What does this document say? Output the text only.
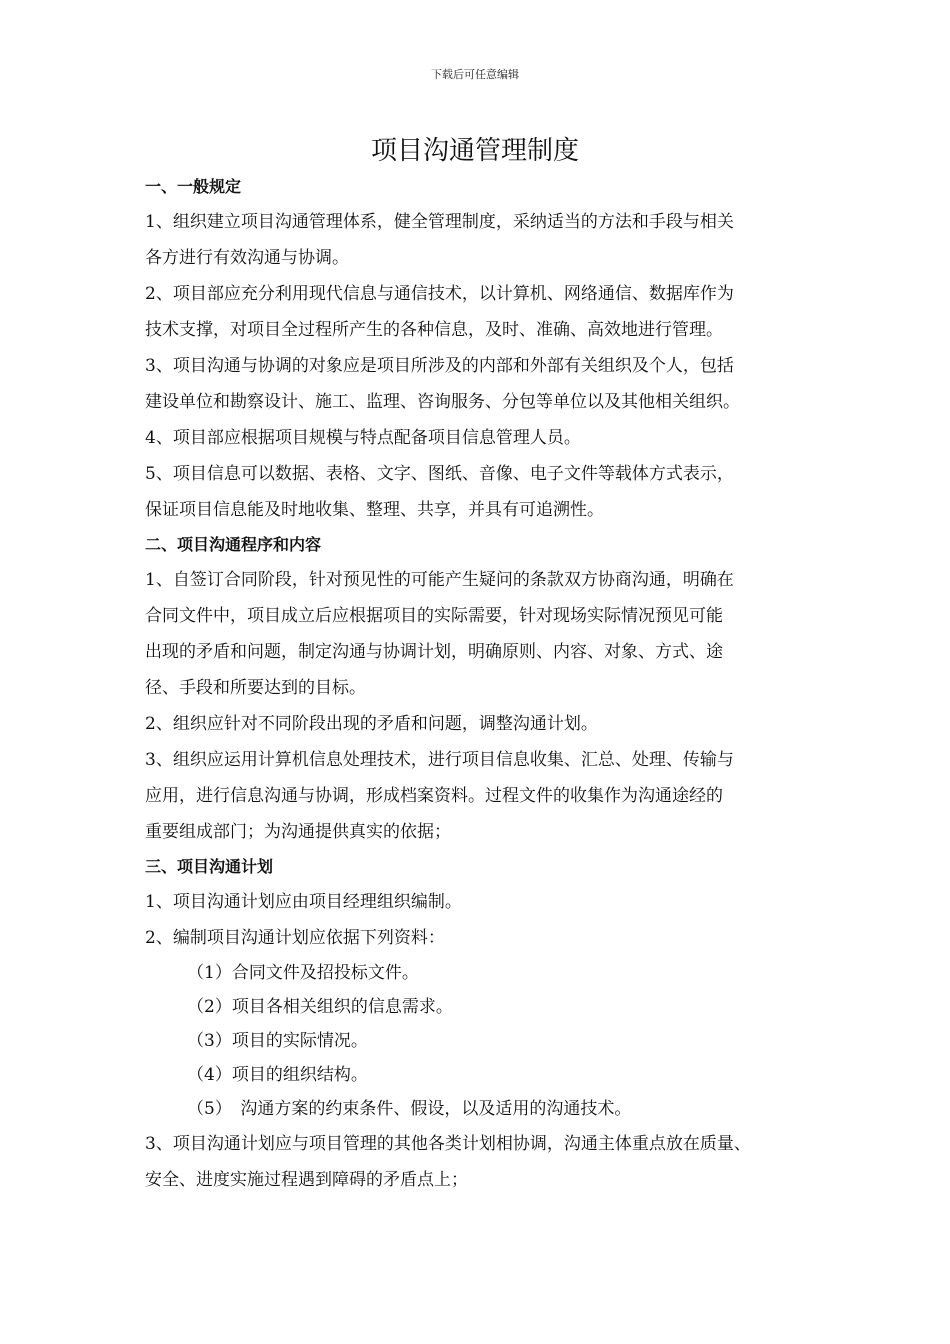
下载后可任意编辑
项目沟通管理制度
一、一般规定
1、组织建立项目沟通管理体系，健全管理制度，采纳适当的方法和手段与相关
各方进行有效沟通与协调。
2、项目部应充分利用现代信息与通信技术，以计算机、网络通信、数据库作为
技术支撑，对项目全过程所产生的各种信息，及时、准确、高效地进行管理。
3、项目沟通与协调的对象应是项目所涉及的内部和外部有关组织及个人，包括
建设单位和勘察设计、施工、监理、咨询服务、分包等单位以及其他相关组织。
4、项目部应根据项目规模与特点配备项目信息管理人员。
5、项目信息可以数据、表格、文字、图纸、音像、电子文件等载体方式表示，
保证项目信息能及时地收集、整理、共享，并具有可追溯性。
二、项目沟通程序和内容
1、自签订合同阶段，针对预见性的可能产生疑问的条款双方协商沟通，明确在
合同文件中，项目成立后应根据项目的实际需要，针对现场实际情况预见可能
出现的矛盾和问题，制定沟通与协调计划，明确原则、内容、对象、方式、途
径、手段和所要达到的目标。
2、组织应针对不同阶段出现的矛盾和问题，调整沟通计划。
3、组织应运用计算机信息处理技术，进行项目信息收集、汇总、处理、传输与
应用，进行信息沟通与协调，形成档案资料。过程文件的收集作为沟通途经的
重要组成部门；为沟通提供真实的依据；
三、项目沟通计划
1、项目沟通计划应由项目经理组织编制。
2、编制项目沟通计划应依据下列资料：
（1）合同文件及招投标文件。
（2）项目各相关组织的信息需求。
（3）项目的实际情况。
（4）项目的组织结构。
（5）　沟通方案的约束条件、假设，以及适用的沟通技术。
3、项目沟通计划应与项目管理的其他各类计划相协调，沟通主体重点放在质量、
安全、进度实施过程遇到障碍的矛盾点上；
